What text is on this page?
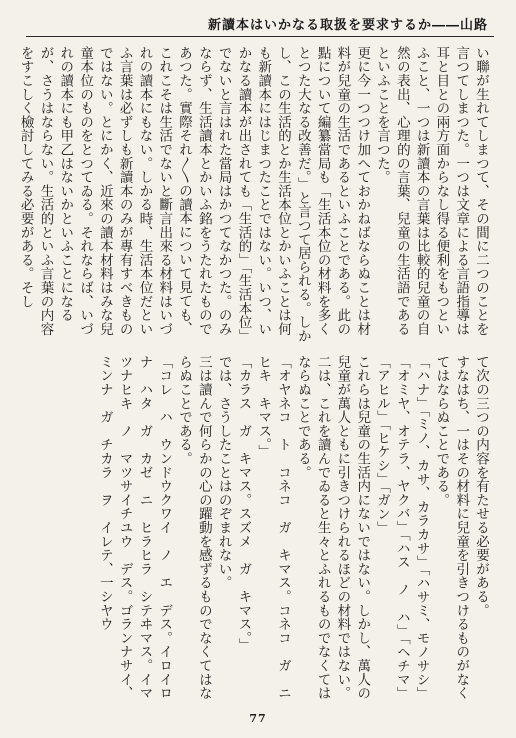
新讀本はいかなる取扱を要求するか――山路

い聯が生れてしまつて、その間に二つのことを言つてしまつた。一つは文章による言語指導は耳と目との兩方面からなし得る便利をもつといふこと、一つは新讀本の言葉は比較的兒童の自然の表出、心理的の言葉、兒童の生活語であるといふことを言つた。

更に今一つつけ加へておかねばならぬことは材料が兒童の生活であるといふことである。此の點について編纂當局も「生活本位の材料を多くとつた大なる改善だ。」と言つて居られる。しかし、この生活的とか生活本位とかいふことは何も新讀本にはじまつたことではない。いつ、いかなる讀本が出されても「生活的」「生活本位」でないと言はれた當局はかつてなかつた。のみならず、生活讀本とかいふ銘をうたれたものであつた。實際それ〳〵の讀本について見ても、これこそは生活でないと斷言出來る材料はいづれの讀本にもない。しかる時、生活本位だといふ言葉は必ずしも新讀本のみが專有すべきものではない。とにかく、近來の讀本材料はみな兒童本位のものをとつてゐる。それならば、いづれの讀本にも甲乙はないかといふことになるが、さうはならない。生活的といふ言葉の内容をすこしく檢討してみる必要がある。そし

て次の三つの内容を有たせる必要がある。

すなはち、一はその材料に兒童を引きつけるものがなくてはならぬことである。

「ハナ」「ミノ、カサ、カラカサ」「ハサミ、モノサシ」「オミヤ、オテラ、ヤクバ」「ハス　ノ　ハ」「ヘチマ」「アヒル」「ヒケシ」「ガン」

これらは兒童の生活内にないではない。しかし、萬人の兒童が萬人ともに引きつけられるほどの材料ではない。二は、これを讀んでゐると生々とふれるものでなくてはならぬことである。

「オヤネコ　ト　コネコ　ガ　キマス。コネコ　ガ　ニヒキ　キマス。」

「カラス　ガ　キマス。スズメ　ガ　キマス。」

では、さうしたことはのぞまれない。

三は讀んで何らかの心の躍動を感ずるものでなくてはならぬことである。

「コレ　ハ　ウンドウクワイ　ノ　エ　デス。イロイロナ　ハタ　ガ　カゼ　ニ　ヒラヒラ　シテヰマス。イマ　ツナヒキ　ノ　マツサイチユウ　デス。ゴランナサイ、ミンナ　ガ　チカラ　ヲ　イレテ、一シヤウ

77
